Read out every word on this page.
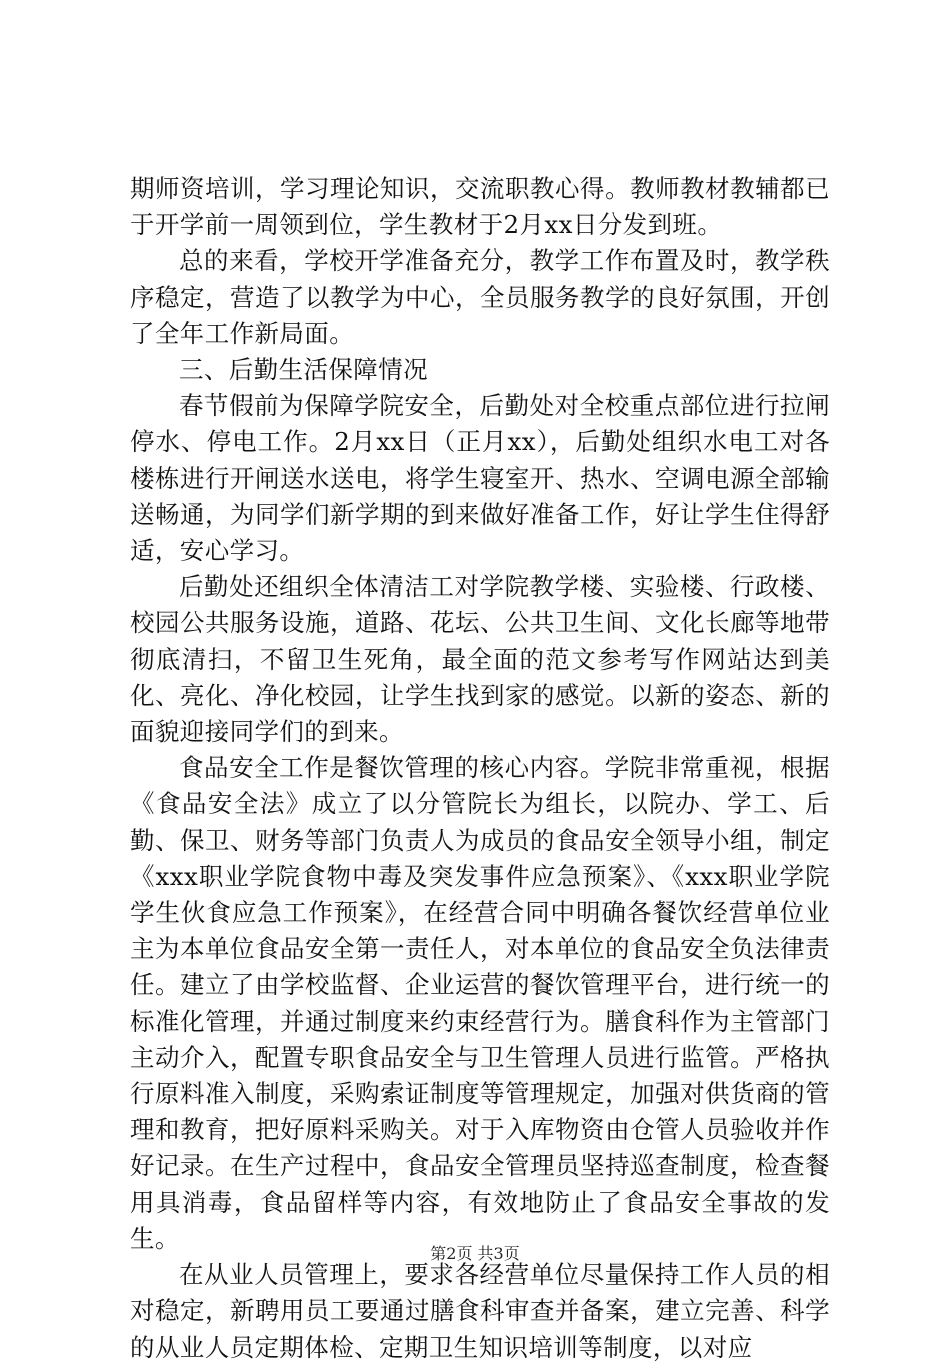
期师资培训，学习理论知识，交流职教心得。教师教材教辅都已于开学前一周领到位，学生教材于2月xx日分发到班。

总的来看，学校开学准备充分，教学工作布置及时，教学秩序稳定，营造了以教学为中心，全员服务教学的良好氛围，开创了全年工作新局面。

三、后勤生活保障情况

春节假前为保障学院安全，后勤处对全校重点部位进行拉闸停水、停电工作。2月xx日（正月xx），后勤处组织水电工对各楼栋进行开闸送水送电，将学生寝室开、热水、空调电源全部输送畅通，为同学们新学期的到来做好准备工作，好让学生住得舒适，安心学习。

后勤处还组织全体清洁工对学院教学楼、实验楼、行政楼、校园公共服务设施，道路、花坛、公共卫生间、文化长廊等地带彻底清扫，不留卫生死角，最全面的范文参考写作网站达到美化、亮化、净化校园，让学生找到家的感觉。以新的姿态、新的面貌迎接同学们的到来。

食品安全工作是餐饮管理的核心内容。学院非常重视，根据《食品安全法》成立了以分管院长为组长，以院办、学工、后勤、保卫、财务等部门负责人为成员的食品安全领导小组，制定《xxx职业学院食物中毒及突发事件应急预案》、《xxx职业学院学生伙食应急工作预案》，在经营合同中明确各餐饮经营单位业主为本单位食品安全第一责任人，对本单位的食品安全负法律责任。建立了由学校监督、企业运营的餐饮管理平台，进行统一的标准化管理，并通过制度来约束经营行为。膳食科作为主管部门主动介入，配置专职食品安全与卫生管理人员进行监管。严格执行原料准入制度，采购索证制度等管理规定，加强对供货商的管理和教育，把好原料采购关。对于入库物资由仓管人员验收并作好记录。在生产过程中，食品安全管理员坚持巡查制度，检查餐用具消毒，食品留样等内容，有效地防止了食品安全事故的发生。

在从业人员管理上，要求各经营单位尽量保持工作人员的相对稳定，新聘用员工要通过膳食科审查并备案，建立完善、科学的从业人员定期体检、定期卫生知识培训等制度，以对应

第2页 共3页
